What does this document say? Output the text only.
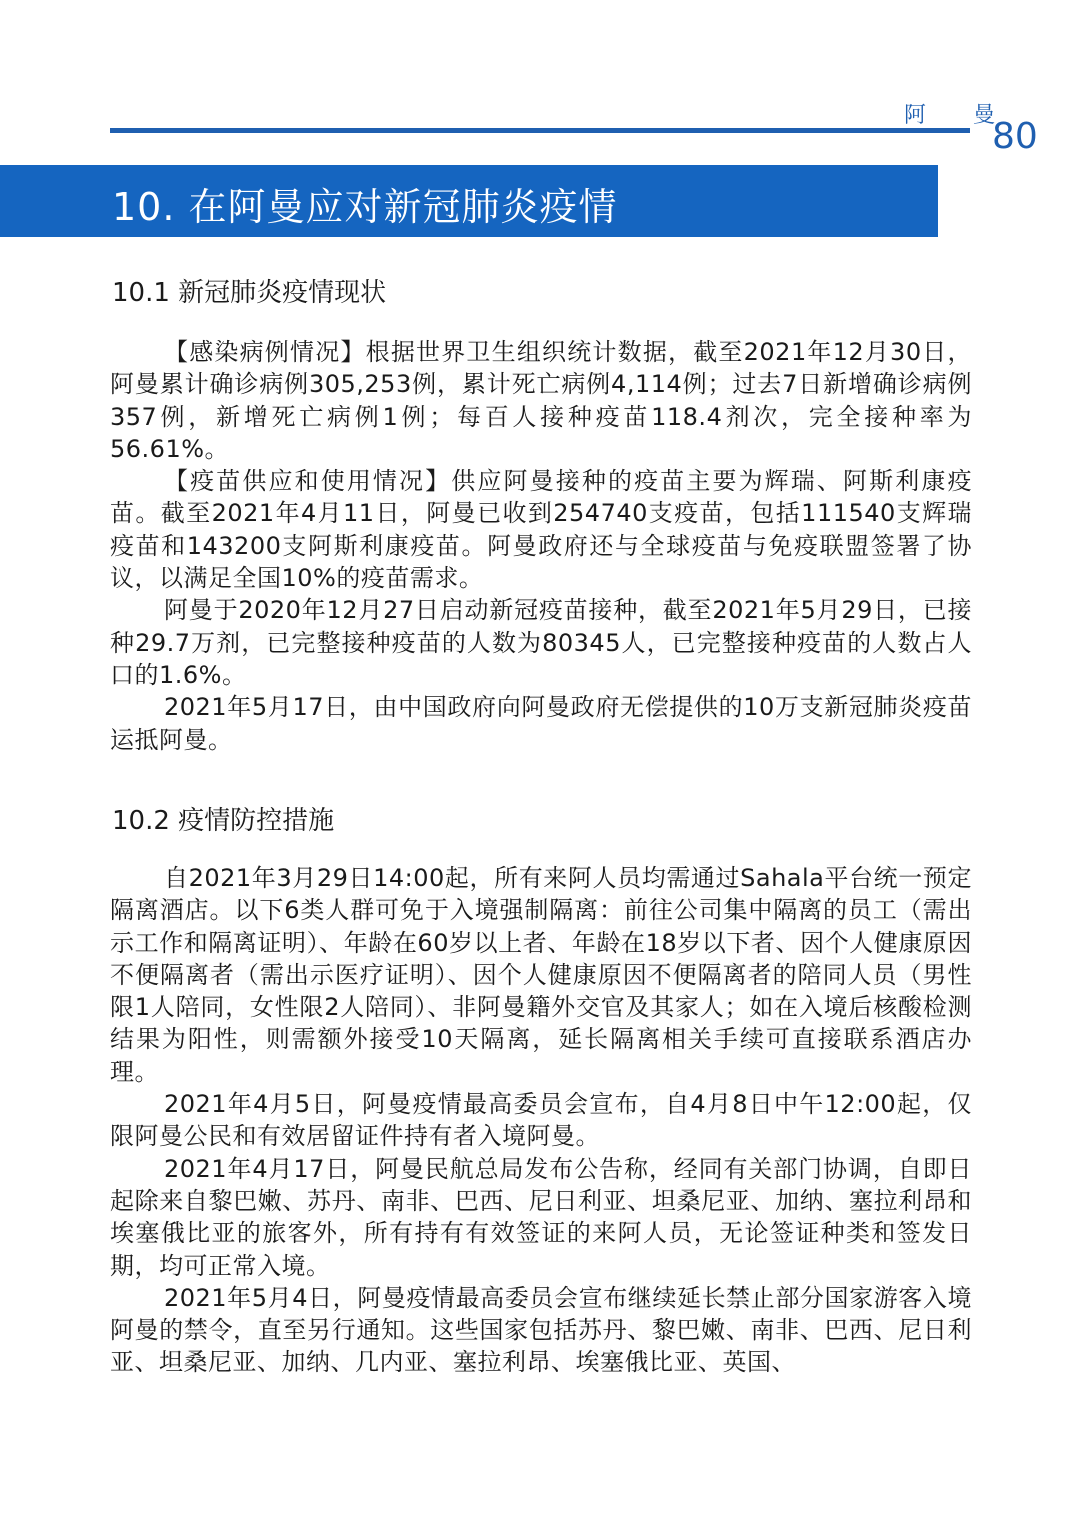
阿 曼
80
10. 在阿曼应对新冠肺炎疫情
10.1 新冠肺炎疫情现状

【感染病例情况】根据世界卫生组织统计数据，截至2021年12月30日，阿曼累计确诊病例305,253例，累计死亡病例4,114例；过去7日新增确诊病例357例，新增死亡病例1例；每百人接种疫苗118.4剂次，完全接种率为56.61%。

【疫苗供应和使用情况】供应阿曼接种的疫苗主要为辉瑞、阿斯利康疫苗。截至2021年4月11日，阿曼已收到254740支疫苗，包括111540支辉瑞疫苗和143200支阿斯利康疫苗。阿曼政府还与全球疫苗与免疫联盟签署了协议，以满足全国10%的疫苗需求。

阿曼于2020年12月27日启动新冠疫苗接种，截至2021年5月29日，已接种29.7万剂，已完整接种疫苗的人数为80345人，已完整接种疫苗的人数占人口的1.6%。

2021年5月17日，由中国政府向阿曼政府无偿提供的10万支新冠肺炎疫苗运抵阿曼。

10.2 疫情防控措施

自2021年3月29日14:00起，所有来阿人员均需通过Sahala平台统一预定隔离酒店。以下6类人群可免于入境强制隔离：前往公司集中隔离的员工（需出示工作和隔离证明）、年龄在60岁以上者、年龄在18岁以下者、因个人健康原因不便隔离者（需出示医疗证明）、因个人健康原因不便隔离者的陪同人员（男性限1人陪同，女性限2人陪同）、非阿曼籍外交官及其家人；如在入境后核酸检测结果为阳性，则需额外接受10天隔离，延长隔离相关手续可直接联系酒店办理。

2021年4月5日，阿曼疫情最高委员会宣布，自4月8日中午12:00起，仅限阿曼公民和有效居留证件持有者入境阿曼。

2021年4月17日，阿曼民航总局发布公告称，经同有关部门协调，自即日起除来自黎巴嫩、苏丹、南非、巴西、尼日利亚、坦桑尼亚、加纳、塞拉利昂和埃塞俄比亚的旅客外，所有持有有效签证的来阿人员，无论签证种类和签发日期，均可正常入境。

2021年5月4日，阿曼疫情最高委员会宣布继续延长禁止部分国家游客入境阿曼的禁令，直至另行通知。这些国家包括苏丹、黎巴嫩、南非、巴西、尼日利亚、坦桑尼亚、加纳、几内亚、塞拉利昂、埃塞俄比亚、英国、
